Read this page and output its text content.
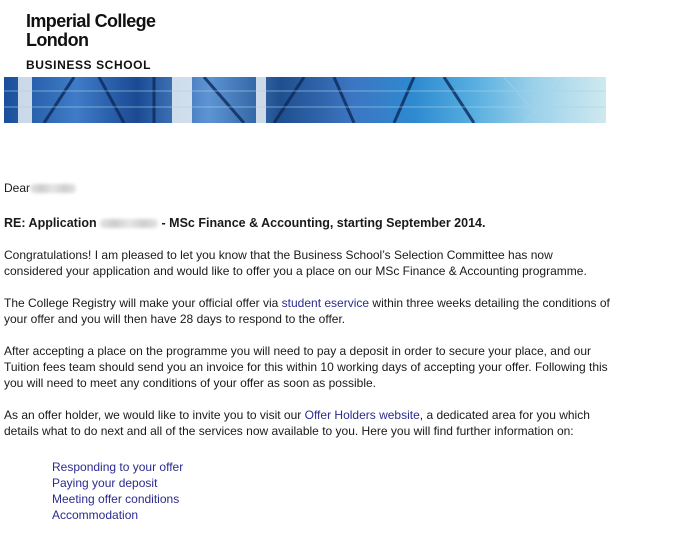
Imperial College
London
BUSINESS SCHOOL

Dear

RE: Application	- MSc Finance & Accounting, starting September 2014.

Congratulations! I am pleased to let you know that the Business School’s Selection Committee has now considered your application and would like to offer you a place on our MSc Finance & Accounting programme.

The College Registry will make your official offer via student eservice within three weeks detailing the conditions of your offer and you will then have 28 days to respond to the offer.

After accepting a place on the programme you will need to pay a deposit in order to secure your place, and our Tuition fees team should send you an invoice for this within 10 working days of accepting your offer. Following this you will need to meet any conditions of your offer as soon as possible.

As an offer holder, we would like to invite you to visit our Offer Holders website, a dedicated area for you which details what to do next and all of the services now available to you. Here you will find further information on:

Responding to your offer
Paying your deposit
Meeting offer conditions
Accommodation
